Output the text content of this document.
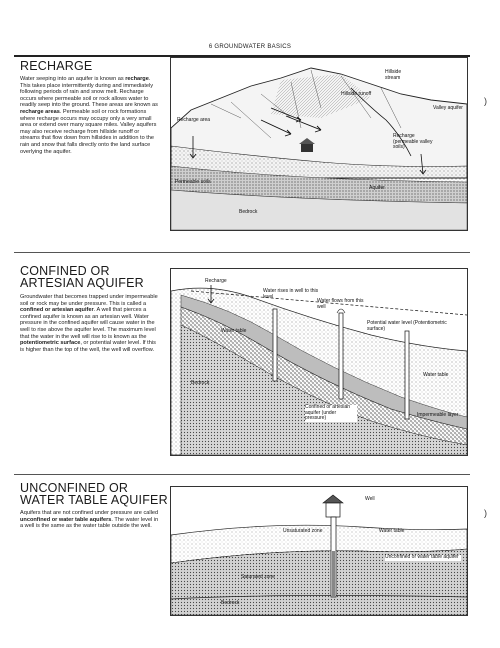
6 GROUNDWATER BASICS
RECHARGE
Water seeping into an aquifer is known as recharge. This takes place intermittently during and immediately following periods of rain and snow melt. Recharge occurs where permeable soil or rock allows water to readily seep into the ground. These areas are known as recharge areas. Permeable soil or rock formations where recharge occurs may occupy only a very small area or extend over many square miles. Valley aquifers may also receive recharge from hillside runoff or streams that flow down from hillsides in addition to the rain and snow that falls directly onto the land surface overlying the aquifer.
Hillside stream
Hillside runoff
Valley aquifer
Recharge area
Recharge (permeable valley soils)
Permeable soils
Aquifer
Bedrock
CONFINED OR
ARTESIAN AQUIFER
Groundwater that becomes trapped under impermeable soil or rock may be under pressure. This is called a confined or artesian aquifer. A well that pierces a confined aquifer is known as an artesian well. Water pressure in the confined aquifer will cause water in the well to rise above the aquifer level. The maximum level that the water in the well will rise to is known as the potentiometric surface, or potential water level. If this is higher than the top of the well, the well will overflow.
Recharge
Water rises in well to this level
Water flows from this well
Potential water level (Potentiometric surface)
Water table
Water table
Bedrock
Confined or artesian aquifer (under pressure)
Impermeable layer
UNCONFINED OR
WATER TABLE AQUIFER
Aquifers that are not confined under pressure are called unconfined or water table aquifers. The water level in a well is the same as the water table outside the well.
Well
Unsaturated zone	Water table
Unconfined or water table aquifer
Saturated zone
Bedrock
)
)
